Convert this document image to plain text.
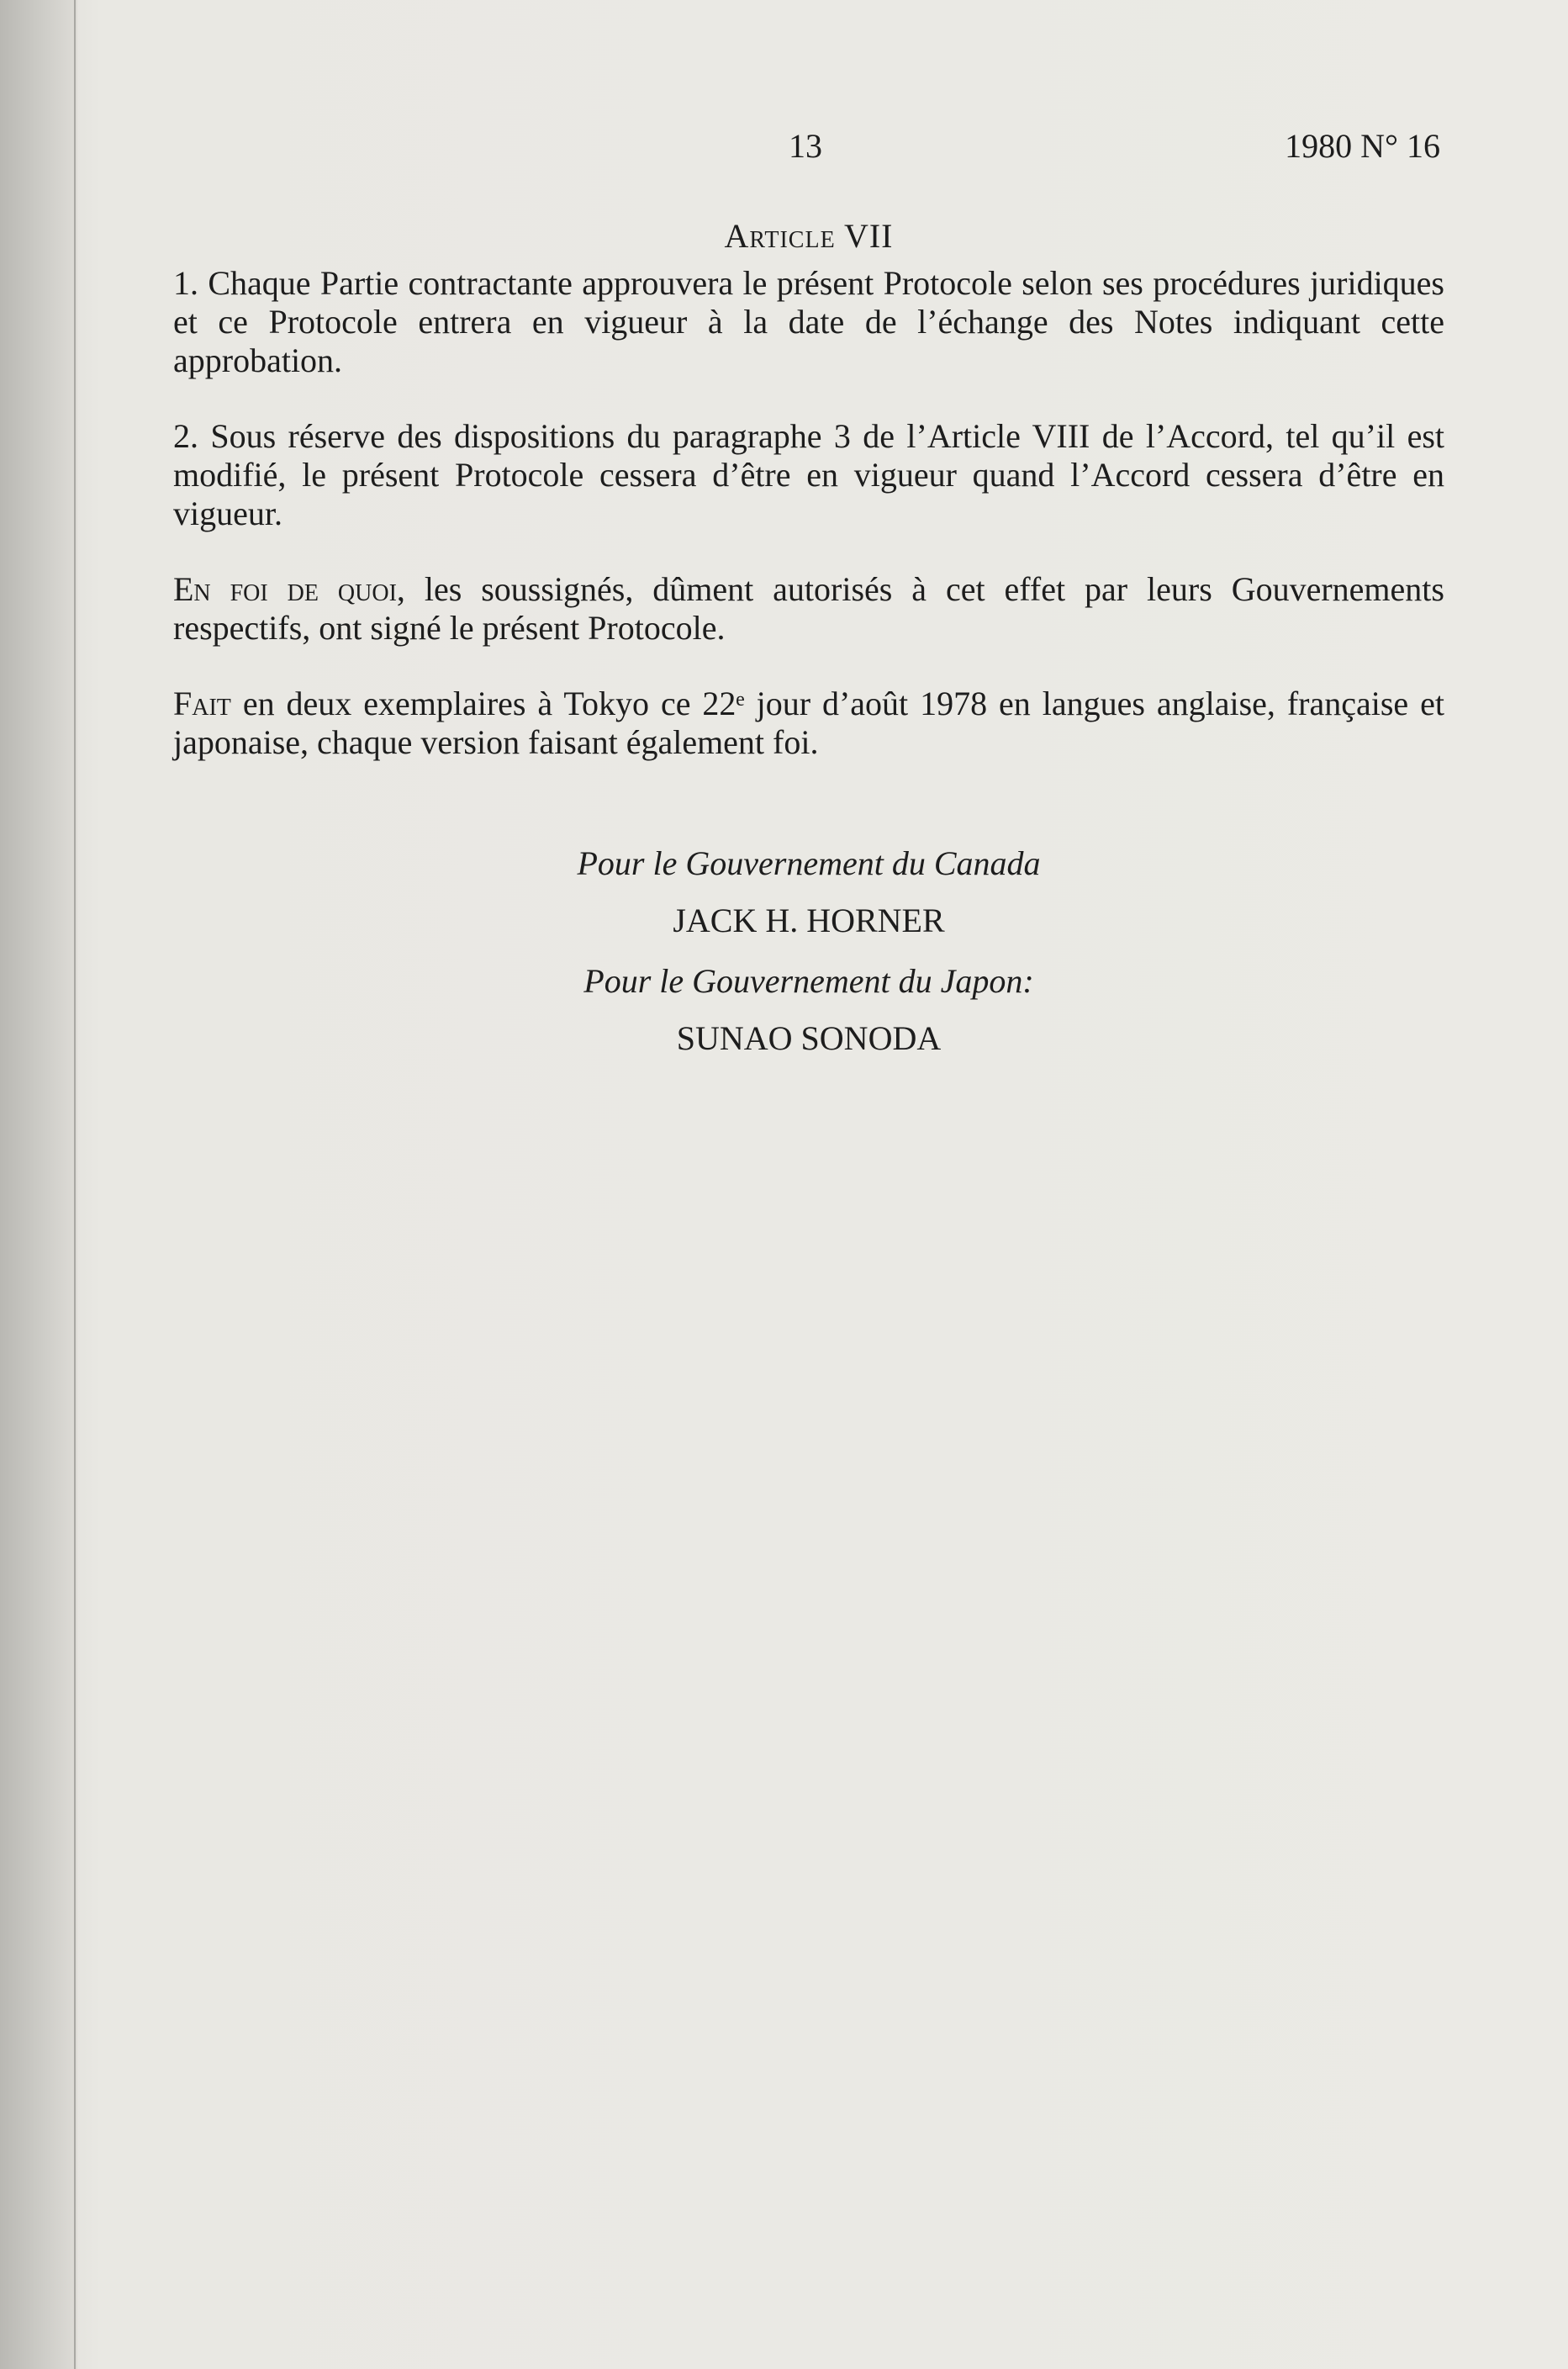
13	1980 N° 16
Article VII

1. Chaque Partie contractante approuvera le présent Protocole selon ses procédures juridiques et ce Protocole entrera en vigueur à la date de l’échange des Notes indiquant cette approbation.

2. Sous réserve des dispositions du paragraphe 3 de l’Article VIII de l’Accord, tel qu’il est modifié, le présent Protocole cessera d’être en vigueur quand l’Accord cessera d’être en vigueur.

En foi de quoi, les soussignés, dûment autorisés à cet effet par leurs Gouvernements respectifs, ont signé le présent Protocole.

Fait en deux exemplaires à Tokyo ce 22ᵉ jour d’août 1978 en langues anglaise, française et japonaise, chaque version faisant également foi.

Pour le Gouvernement du Canada
JACK H. HORNER
Pour le Gouvernement du Japon:
SUNAO SONODA
